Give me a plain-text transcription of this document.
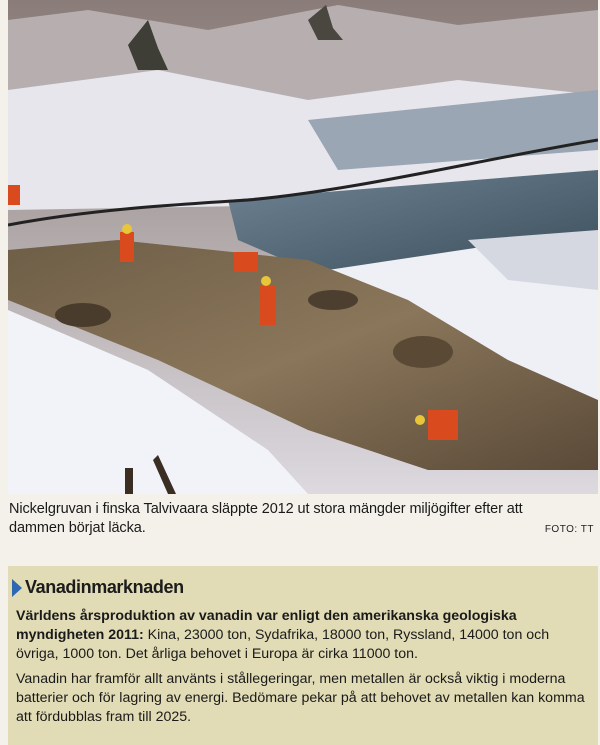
Nickelgruvan i finska Talvivaara släppte 2012 ut stora mängder miljögifter efter att dammen börjat läcka.	FOTO: TT
Vanadinmarknaden

Världens årsproduktion av vanadin var enligt den amerikanska geologiska myndigheten 2011: Kina, 23000 ton, Sydafrika, 18000 ton, Ryssland, 14000 ton och övriga, 1000 ton. Det årliga behovet i Europa är cirka 11000 ton.

Vanadin har framför allt använts i stållegeringar, men metallen är också viktig i moderna batterier och för lagring av energi. Bedömare pekar på att behovet av metallen kan komma att fördubblas fram till 2025.
